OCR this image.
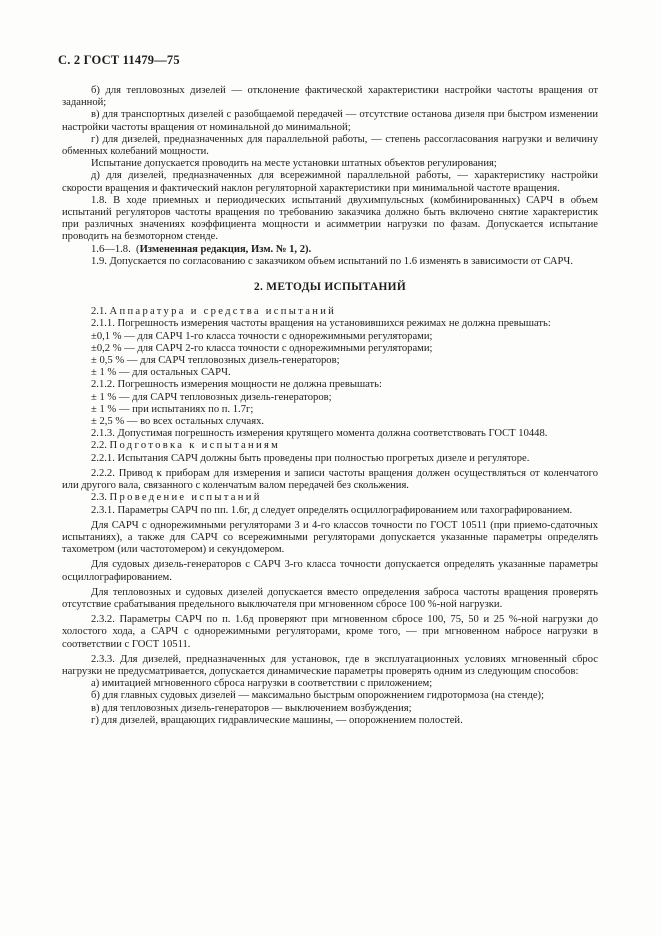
С. 2 ГОСТ 11479—75

б) для тепловозных дизелей — отклонение фактической характеристики настройки частоты вращения от заданной;

в) для транспортных дизелей с разобщаемой передачей — отсутствие останова дизеля при быстром изменении настройки частоты вращения от номинальной до минимальной;

г) для дизелей, предназначенных для параллельной работы, — степень рассогласования нагрузки и величину обменных колебаний мощности.

Испытание допускается проводить на месте установки штатных объектов регулирования;

д) для дизелей, предназначенных для всережимной параллельной работы, — характеристику настройки скорости вращения и фактический наклон регуляторной характеристики при минимальной частоте вращения.

1.8. В ходе приемных и периодических испытаний двухимпульсных (комбинированных) САРЧ в объем испытаний регуляторов частоты вращения по требованию заказчика должно быть включено снятие характеристик при различных значениях коэффициента мощности и асимметрии нагрузки по фазам. Допускается испытание проводить на безмоторном стенде.

1.6—1.8.  (Измененная редакция, Изм. № 1, 2).

1.9. Допускается по согласованию с заказчиком объем испытаний по 1.6 изменять в зависимости от САРЧ.

2. МЕТОДЫ ИСПЫТАНИЙ

2.1. Аппаратура и средства испытаний

2.1.1. Погрешность измерения частоты вращения на установившихся режимах не должна превышать:

±0,1 % — для САРЧ 1-го класса точности с однорежимными регуляторами;

±0,2 % — для САРЧ 2-го класса точности с однорежимными регуляторами;

± 0,5 % — для САРЧ тепловозных дизель-генераторов;

± 1 % — для остальных САРЧ.

2.1.2. Погрешность измерения мощности не должна превышать:

± 1 % — для САРЧ тепловозных дизель-генераторов;

± 1 % — при испытаниях по п. 1.7г;

± 2,5 % — во всех остальных случаях.

2.1.3. Допустимая погрешность измерения крутящего момента должна соответствовать ГОСТ 10448.

2.2. Подготовка к испытаниям

2.2.1. Испытания САРЧ должны быть проведены при полностью прогретых дизеле и регуляторе.

2.2.2. Привод к приборам для измерения и записи частоты вращения должен осуществляться от коленчатого или другого вала, связанного с коленчатым валом передачей без скольжения.

2.3. Проведение испытаний

2.3.1. Параметры САРЧ по пп. 1.6г, д следует определять осциллографированием или тахографированием.

Для САРЧ с однорежимными регуляторами 3 и 4-го классов точности по ГОСТ 10511 (при приемо-сдаточных испытаниях), а также для САРЧ со всережимными регуляторами допускается указанные параметры определять тахометром (или частотомером) и секундомером.

Для судовых дизель-генераторов с САРЧ 3-го класса точности допускается определять указанные параметры осциллографированием.

Для тепловозных и судовых дизелей допускается вместо определения заброса частоты вращения проверять отсутствие срабатывания предельного выключателя при мгновенном сбросе 100 %-ной нагрузки.

2.3.2. Параметры САРЧ по п. 1.6д проверяют при мгновенном сбросе 100, 75, 50 и 25 %-ной нагрузки до холостого хода, а САРЧ с однорежимными регуляторами, кроме того, — при мгновенном набросе нагрузки в соответствии с ГОСТ 10511.

2.3.3. Для дизелей, предназначенных для установок, где в эксплуатационных условиях мгновенный сброс нагрузки не предусматривается, допускается динамические параметры проверять одним из следующим способов:

а) имитацией мгновенного сброса нагрузки в соответствии с приложением;

б) для главных судовых дизелей — максимально быстрым опорожнением гидротормоза (на стенде);

в) для тепловозных дизель-генераторов — выключением возбуждения;

г) для дизелей, вращающих гидравлические машины, — опорожнением полостей.
